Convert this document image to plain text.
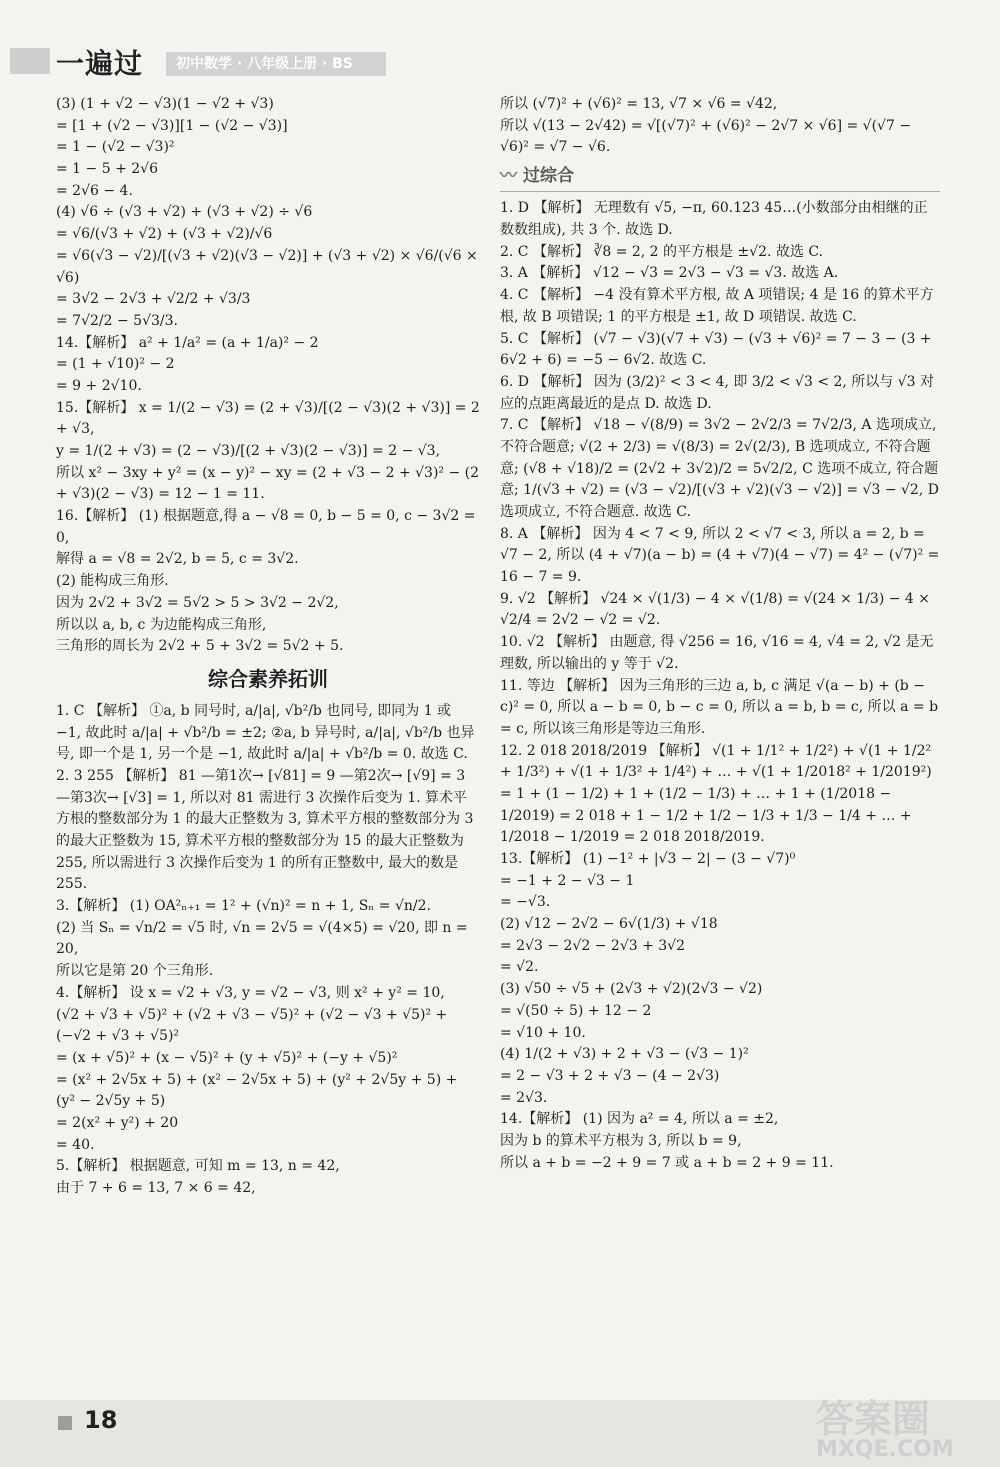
一遍过	初中数学 · 八年级上册 · BS
(3) (1 + √2 − √3)(1 − √2 + √3)
= [1 + (√2 − √3)][1 − (√2 − √3)]
= 1 − (√2 − √3)²
= 1 − 5 + 2√6
= 2√6 − 4.
(4) √6 ÷ (√3 + √2) + (√3 + √2) ÷ √6
= √6/(√3 + √2) + (√3 + √2)/√6
= √6(√3 − √2)/[(√3 + √2)(√3 − √2)] + (√3 + √2) × √6/(√6 × √6)
= 3√2 − 2√3 + √2/2 + √3/3
= 7√2/2 − 5√3/3.
14.【解析】 a² + 1/a² = (a + 1/a)² − 2
= (1 + √10)² − 2
= 9 + 2√10.
15.【解析】 x = 1/(2 − √3) = (2 + √3)/[(2 − √3)(2 + √3)] = 2 + √3,
y = 1/(2 + √3) = (2 − √3)/[(2 + √3)(2 − √3)] = 2 − √3,
所以 x² − 3xy + y² = (x − y)² − xy = (2 + √3 − 2 + √3)² − (2 + √3)(2 − √3) = 12 − 1 = 11.
16.【解析】 (1) 根据题意,得 a − √8 = 0, b − 5 = 0, c − 3√2 = 0,
解得 a = √8 = 2√2, b = 5, c = 3√2.
(2) 能构成三角形.
因为 2√2 + 3√2 = 5√2 > 5 > 3√2 − 2√2,
所以以 a, b, c 为边能构成三角形,
三角形的周长为 2√2 + 5 + 3√2 = 5√2 + 5.
综合素养拓训
1. C 【解析】 ①a, b 同号时, a/|a|, √b²/b 也同号, 即同为 1 或 −1, 故此时 a/|a| + √b²/b = ±2; ②a, b 异号时, a/|a|, √b²/b 也异号, 即一个是 1, 另一个是 −1, 故此时 a/|a| + √b²/b = 0. 故选 C.
2. 3 255 【解析】 81 —第1次→ [√81] = 9 —第2次→ [√9] = 3 —第3次→ [√3] = 1, 所以对 81 需进行 3 次操作后变为 1. 算术平方根的整数部分为 1 的最大正整数为 3, 算术平方根的整数部分为 3 的最大正整数为 15, 算术平方根的整数部分为 15 的最大正整数为 255, 所以需进行 3 次操作后变为 1 的所有正整数中, 最大的数是 255.
3.【解析】 (1) OA²ₙ₊₁ = 1² + (√n)² = n + 1, Sₙ = √n/2.
(2) 当 Sₙ = √n/2 = √5 时, √n = 2√5 = √(4×5) = √20, 即 n = 20,
所以它是第 20 个三角形.
4.【解析】 设 x = √2 + √3, y = √2 − √3, 则 x² + y² = 10,
(√2 + √3 + √5)² + (√2 + √3 − √5)² + (√2 − √3 + √5)² + (−√2 + √3 + √5)²
= (x + √5)² + (x − √5)² + (y + √5)² + (−y + √5)²
= (x² + 2√5x + 5) + (x² − 2√5x + 5) + (y² + 2√5y + 5) + (y² − 2√5y + 5)
= 2(x² + y²) + 20
= 40.
5.【解析】 根据题意, 可知 m = 13, n = 42,
由于 7 + 6 = 13, 7 × 6 = 42,
所以 (√7)² + (√6)² = 13, √7 × √6 = √42,
所以 √(13 − 2√42) = √[(√7)² + (√6)² − 2√7 × √6] = √(√7 − √6)² = √7 − √6.
〰 过综合
1. D 【解析】 无理数有 √5, −π, 60.123 45…(小数部分由相继的正数数组成), 共 3 个. 故选 D.
2. C 【解析】 ∛8 = 2, 2 的平方根是 ±√2. 故选 C.
3. A 【解析】 √12 − √3 = 2√3 − √3 = √3. 故选 A.
4. C 【解析】 −4 没有算术平方根, 故 A 项错误; 4 是 16 的算术平方根, 故 B 项错误; 1 的平方根是 ±1, 故 D 项错误. 故选 C.
5. C 【解析】 (√7 − √3)(√7 + √3) − (√3 + √6)² = 7 − 3 − (3 + 6√2 + 6) = −5 − 6√2. 故选 C.
6. D 【解析】 因为 (3/2)² < 3 < 4, 即 3/2 < √3 < 2, 所以与 √3 对应的点距离最近的是点 D. 故选 D.
7. C 【解析】 √18 − √(8/9) = 3√2 − 2√2/3 = 7√2/3, A 选项成立, 不符合题意; √(2 + 2/3) = √(8/3) = 2√(2/3), B 选项成立, 不符合题意; (√8 + √18)/2 = (2√2 + 3√2)/2 = 5√2/2, C 选项不成立, 符合题意; 1/(√3 + √2) = (√3 − √2)/[(√3 + √2)(√3 − √2)] = √3 − √2, D 选项成立, 不符合题意. 故选 C.
8. A 【解析】 因为 4 < 7 < 9, 所以 2 < √7 < 3, 所以 a = 2, b = √7 − 2, 所以 (4 + √7)(a − b) = (4 + √7)(4 − √7) = 4² − (√7)² = 16 − 7 = 9.
9. √2 【解析】 √24 × √(1/3) − 4 × √(1/8) = √(24 × 1/3) − 4 × √2/4 = 2√2 − √2 = √2.
10. √2 【解析】 由题意, 得 √256 = 16, √16 = 4, √4 = 2, √2 是无理数, 所以输出的 y 等于 √2.
11. 等边 【解析】 因为三角形的三边 a, b, c 满足 √(a − b) + (b − c)² = 0, 所以 a − b = 0, b − c = 0, 所以 a = b, b = c, 所以 a = b = c, 所以该三角形是等边三角形.
12. 2 018 2018/2019 【解析】 √(1 + 1/1² + 1/2²) + √(1 + 1/2² + 1/3²) + √(1 + 1/3² + 1/4²) + … + √(1 + 1/2018² + 1/2019²) = 1 + (1 − 1/2) + 1 + (1/2 − 1/3) + … + 1 + (1/2018 − 1/2019) = 2 018 + 1 − 1/2 + 1/2 − 1/3 + 1/3 − 1/4 + … + 1/2018 − 1/2019 = 2 018 2018/2019.
13.【解析】 (1) −1² + |√3 − 2| − (3 − √7)⁰
= −1 + 2 − √3 − 1
= −√3.
(2) √12 − 2√2 − 6√(1/3) + √18
= 2√3 − 2√2 − 2√3 + 3√2
= √2.
(3) √50 ÷ √5 + (2√3 + √2)(2√3 − √2)
= √(50 ÷ 5) + 12 − 2
= √10 + 10.
(4) 1/(2 + √3) + 2 + √3 − (√3 − 1)²
= 2 − √3 + 2 + √3 − (4 − 2√3)
= 2√3.
14.【解析】 (1) 因为 a² = 4, 所以 a = ±2,
因为 b 的算术平方根为 3, 所以 b = 9,
所以 a + b = −2 + 9 = 7 或 a + b = 2 + 9 = 11.
18	答案圈
MXQE.COM
